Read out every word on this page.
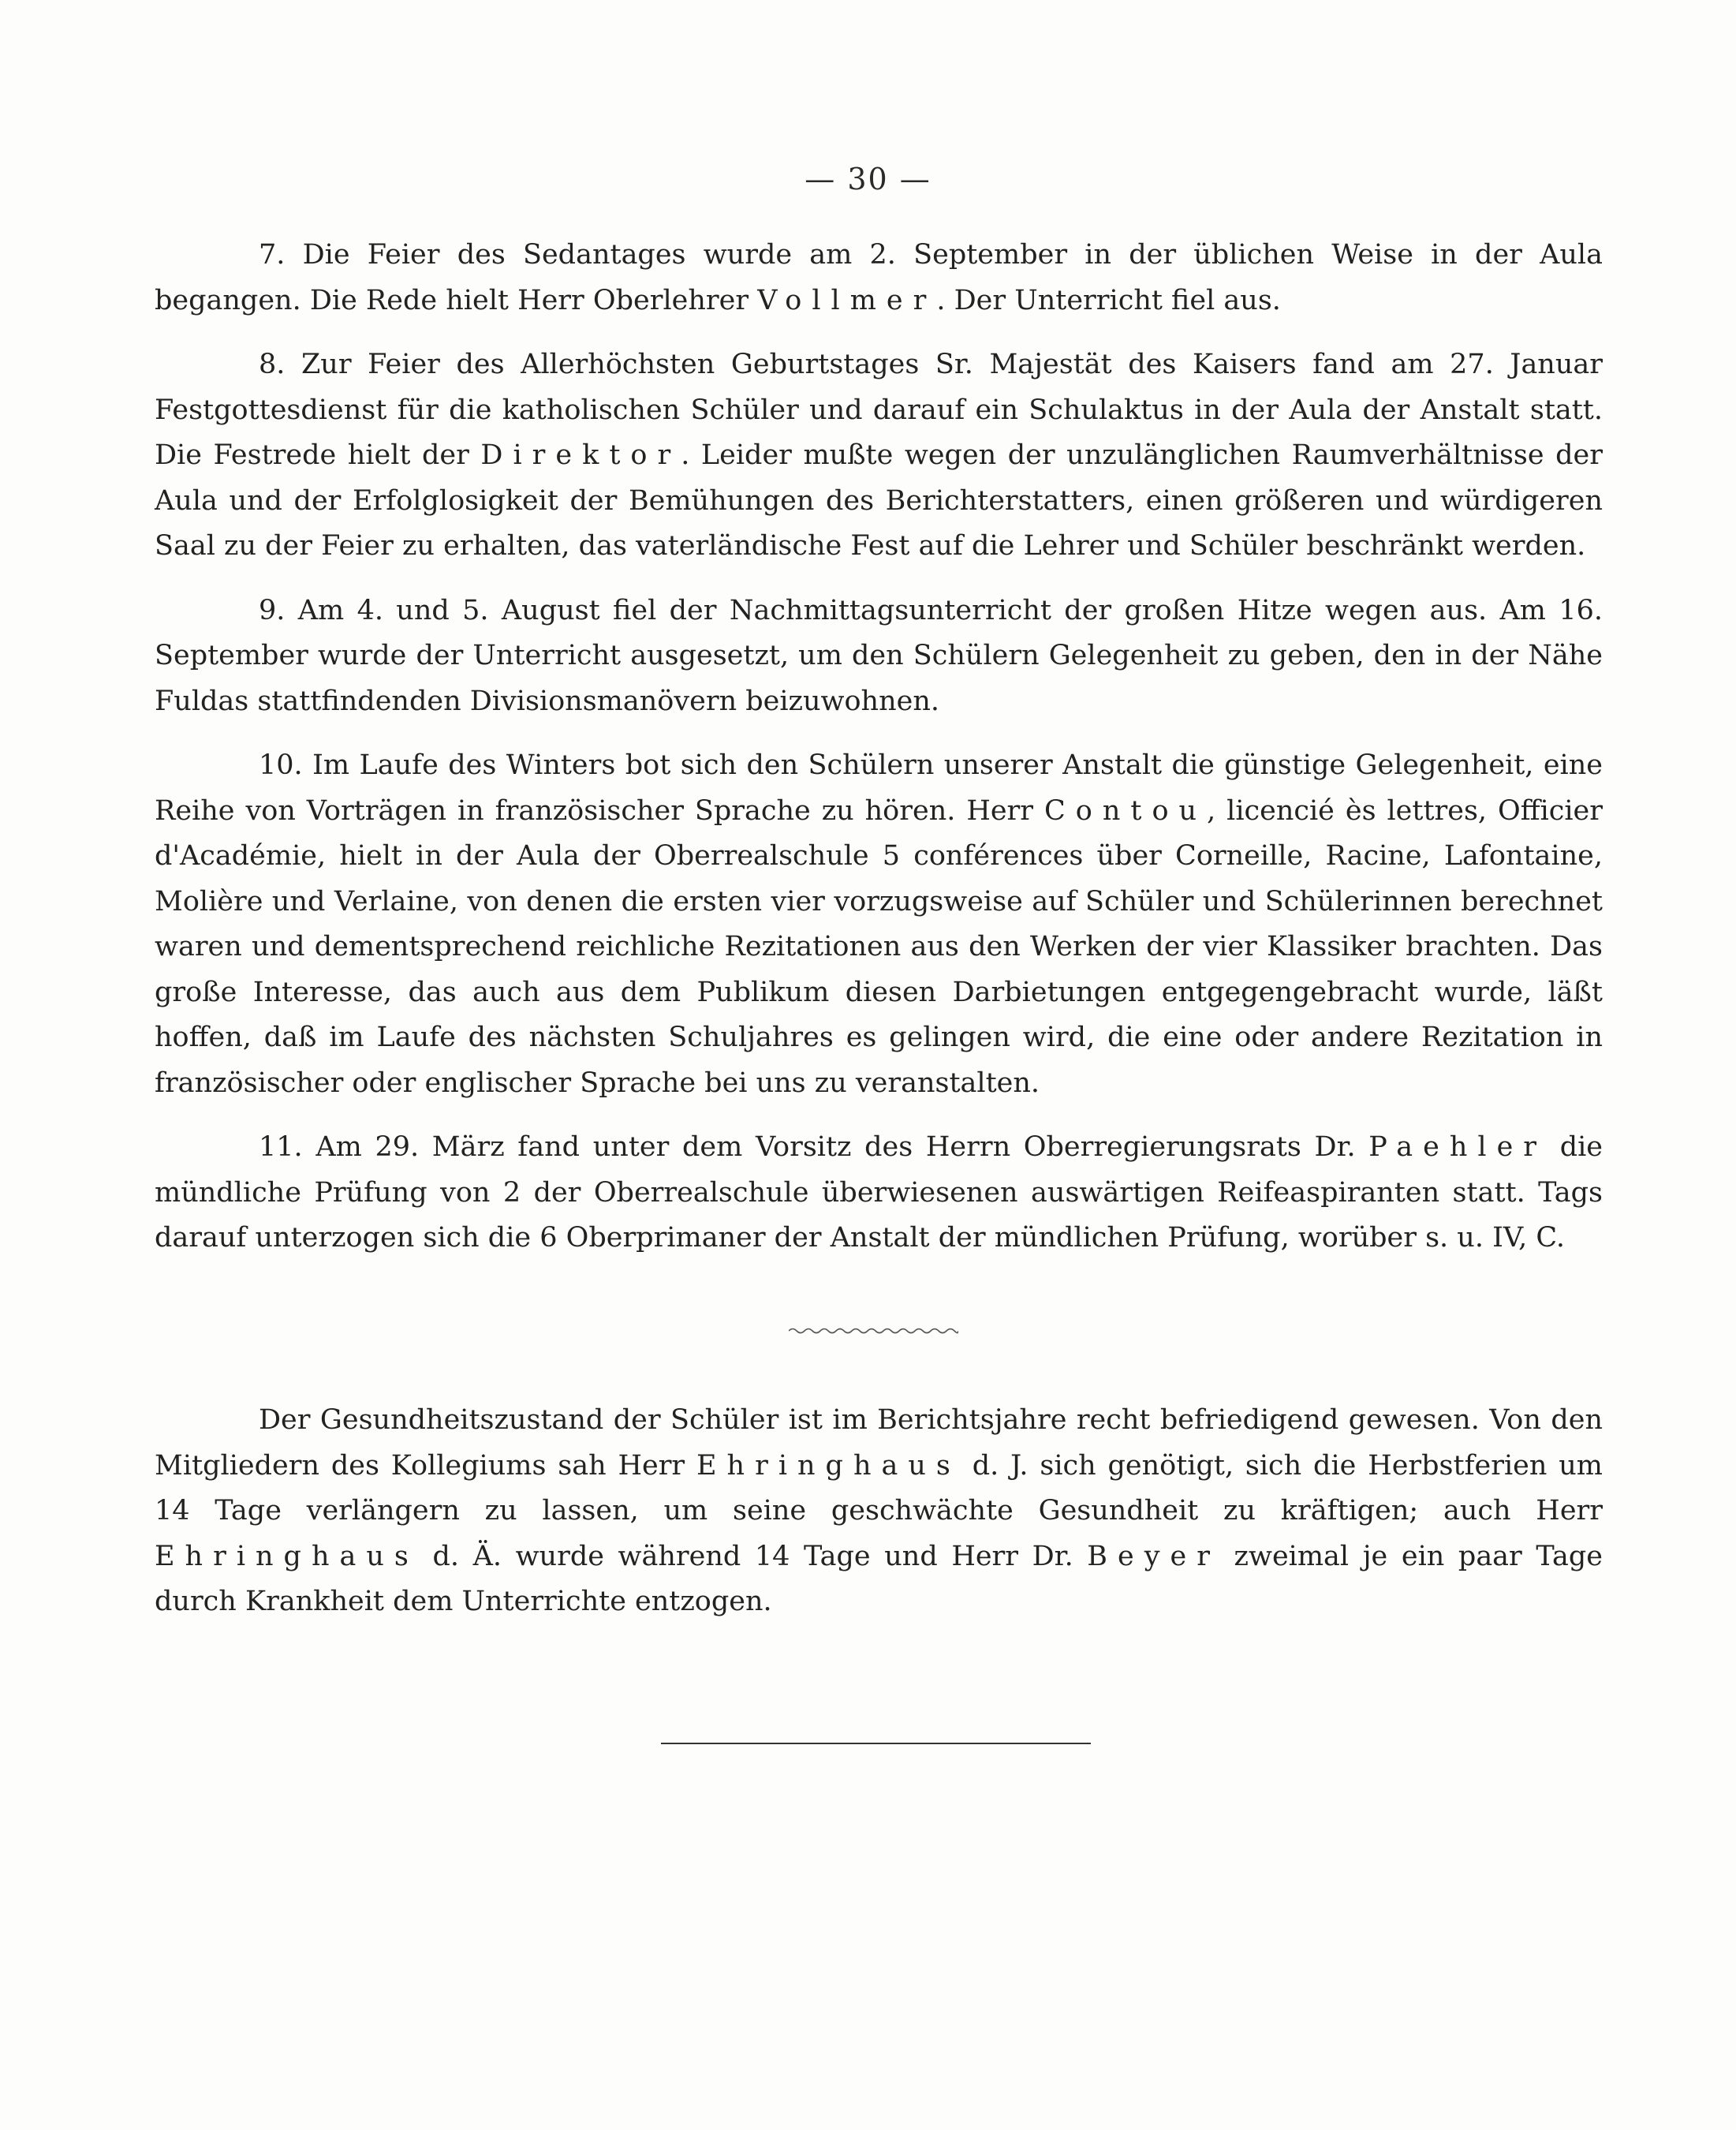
— 30 —

7. Die Feier des Sedantages wurde am 2. September in der üblichen Weise in der Aula begangen. Die Rede hielt Herr Oberlehrer Vollmer. Der Unterricht fiel aus.

8. Zur Feier des Allerhöchsten Geburtstages Sr. Majestät des Kaisers fand am 27. Januar Festgottesdienst für die katholischen Schüler und darauf ein Schulaktus in der Aula der Anstalt statt. Die Festrede hielt der Direktor. Leider mußte wegen der unzulänglichen Raumverhältnisse der Aula und der Erfolglosigkeit der Bemühungen des Berichterstatters, einen größeren und würdigeren Saal zu der Feier zu erhalten, das vaterländische Fest auf die Lehrer und Schüler beschränkt werden.

9. Am 4. und 5. August fiel der Nachmittagsunterricht der großen Hitze wegen aus. Am 16. September wurde der Unterricht ausgesetzt, um den Schülern Gelegenheit zu geben, den in der Nähe Fuldas stattfindenden Divisionsmanövern beizuwohnen.

10. Im Laufe des Winters bot sich den Schülern unserer Anstalt die günstige Gelegenheit, eine Reihe von Vorträgen in französischer Sprache zu hören. Herr Contou, licencié ès lettres, Officier d'Académie, hielt in der Aula der Oberrealschule 5 conférences über Corneille, Racine, Lafontaine, Molière und Verlaine, von denen die ersten vier vorzugsweise auf Schüler und Schülerinnen berechnet waren und dementsprechend reichliche Rezitationen aus den Werken der vier Klassiker brachten. Das große Interesse, das auch aus dem Publikum diesen Darbietungen entgegengebracht wurde, läßt hoffen, daß im Laufe des nächsten Schuljahres es gelingen wird, die eine oder andere Rezitation in französischer oder englischer Sprache bei uns zu veranstalten.

11. Am 29. März fand unter dem Vorsitz des Herrn Oberregierungsrats Dr. Paehler die mündliche Prüfung von 2 der Oberrealschule überwiesenen auswärtigen Reifeaspiranten statt. Tags darauf unterzogen sich die 6 Oberprimaner der Anstalt der mündlichen Prüfung, worüber s. u. IV, C.

Der Gesundheitszustand der Schüler ist im Berichtsjahre recht befriedigend gewesen. Von den Mitgliedern des Kollegiums sah Herr Ehringhaus d. J. sich genötigt, sich die Herbstferien um 14 Tage verlängern zu lassen, um seine geschwächte Gesundheit zu kräftigen; auch Herr Ehringhaus d. Ä. wurde während 14 Tage und Herr Dr. Beyer zweimal je ein paar Tage durch Krankheit dem Unterrichte entzogen.
